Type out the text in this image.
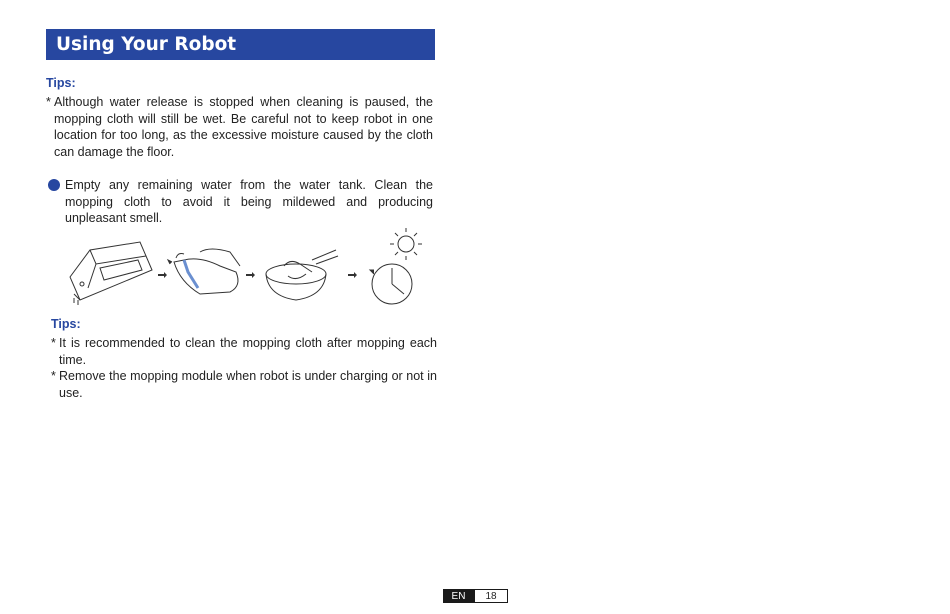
Using Your Robot
Tips:
* Although water release is stopped when cleaning is paused, the mopping cloth will still be wet. Be careful not to keep robot in one location for too long, as the excessive moisture caused by the cloth can damage the floor.
Empty any remaining water from the water tank. Clean the mopping cloth to avoid it being mildewed and producing unpleasant smell.
Tips:
* It is recommended to clean the mopping cloth after mopping each time.
* Remove the mopping module when robot is under charging or not in use.
EN	18
